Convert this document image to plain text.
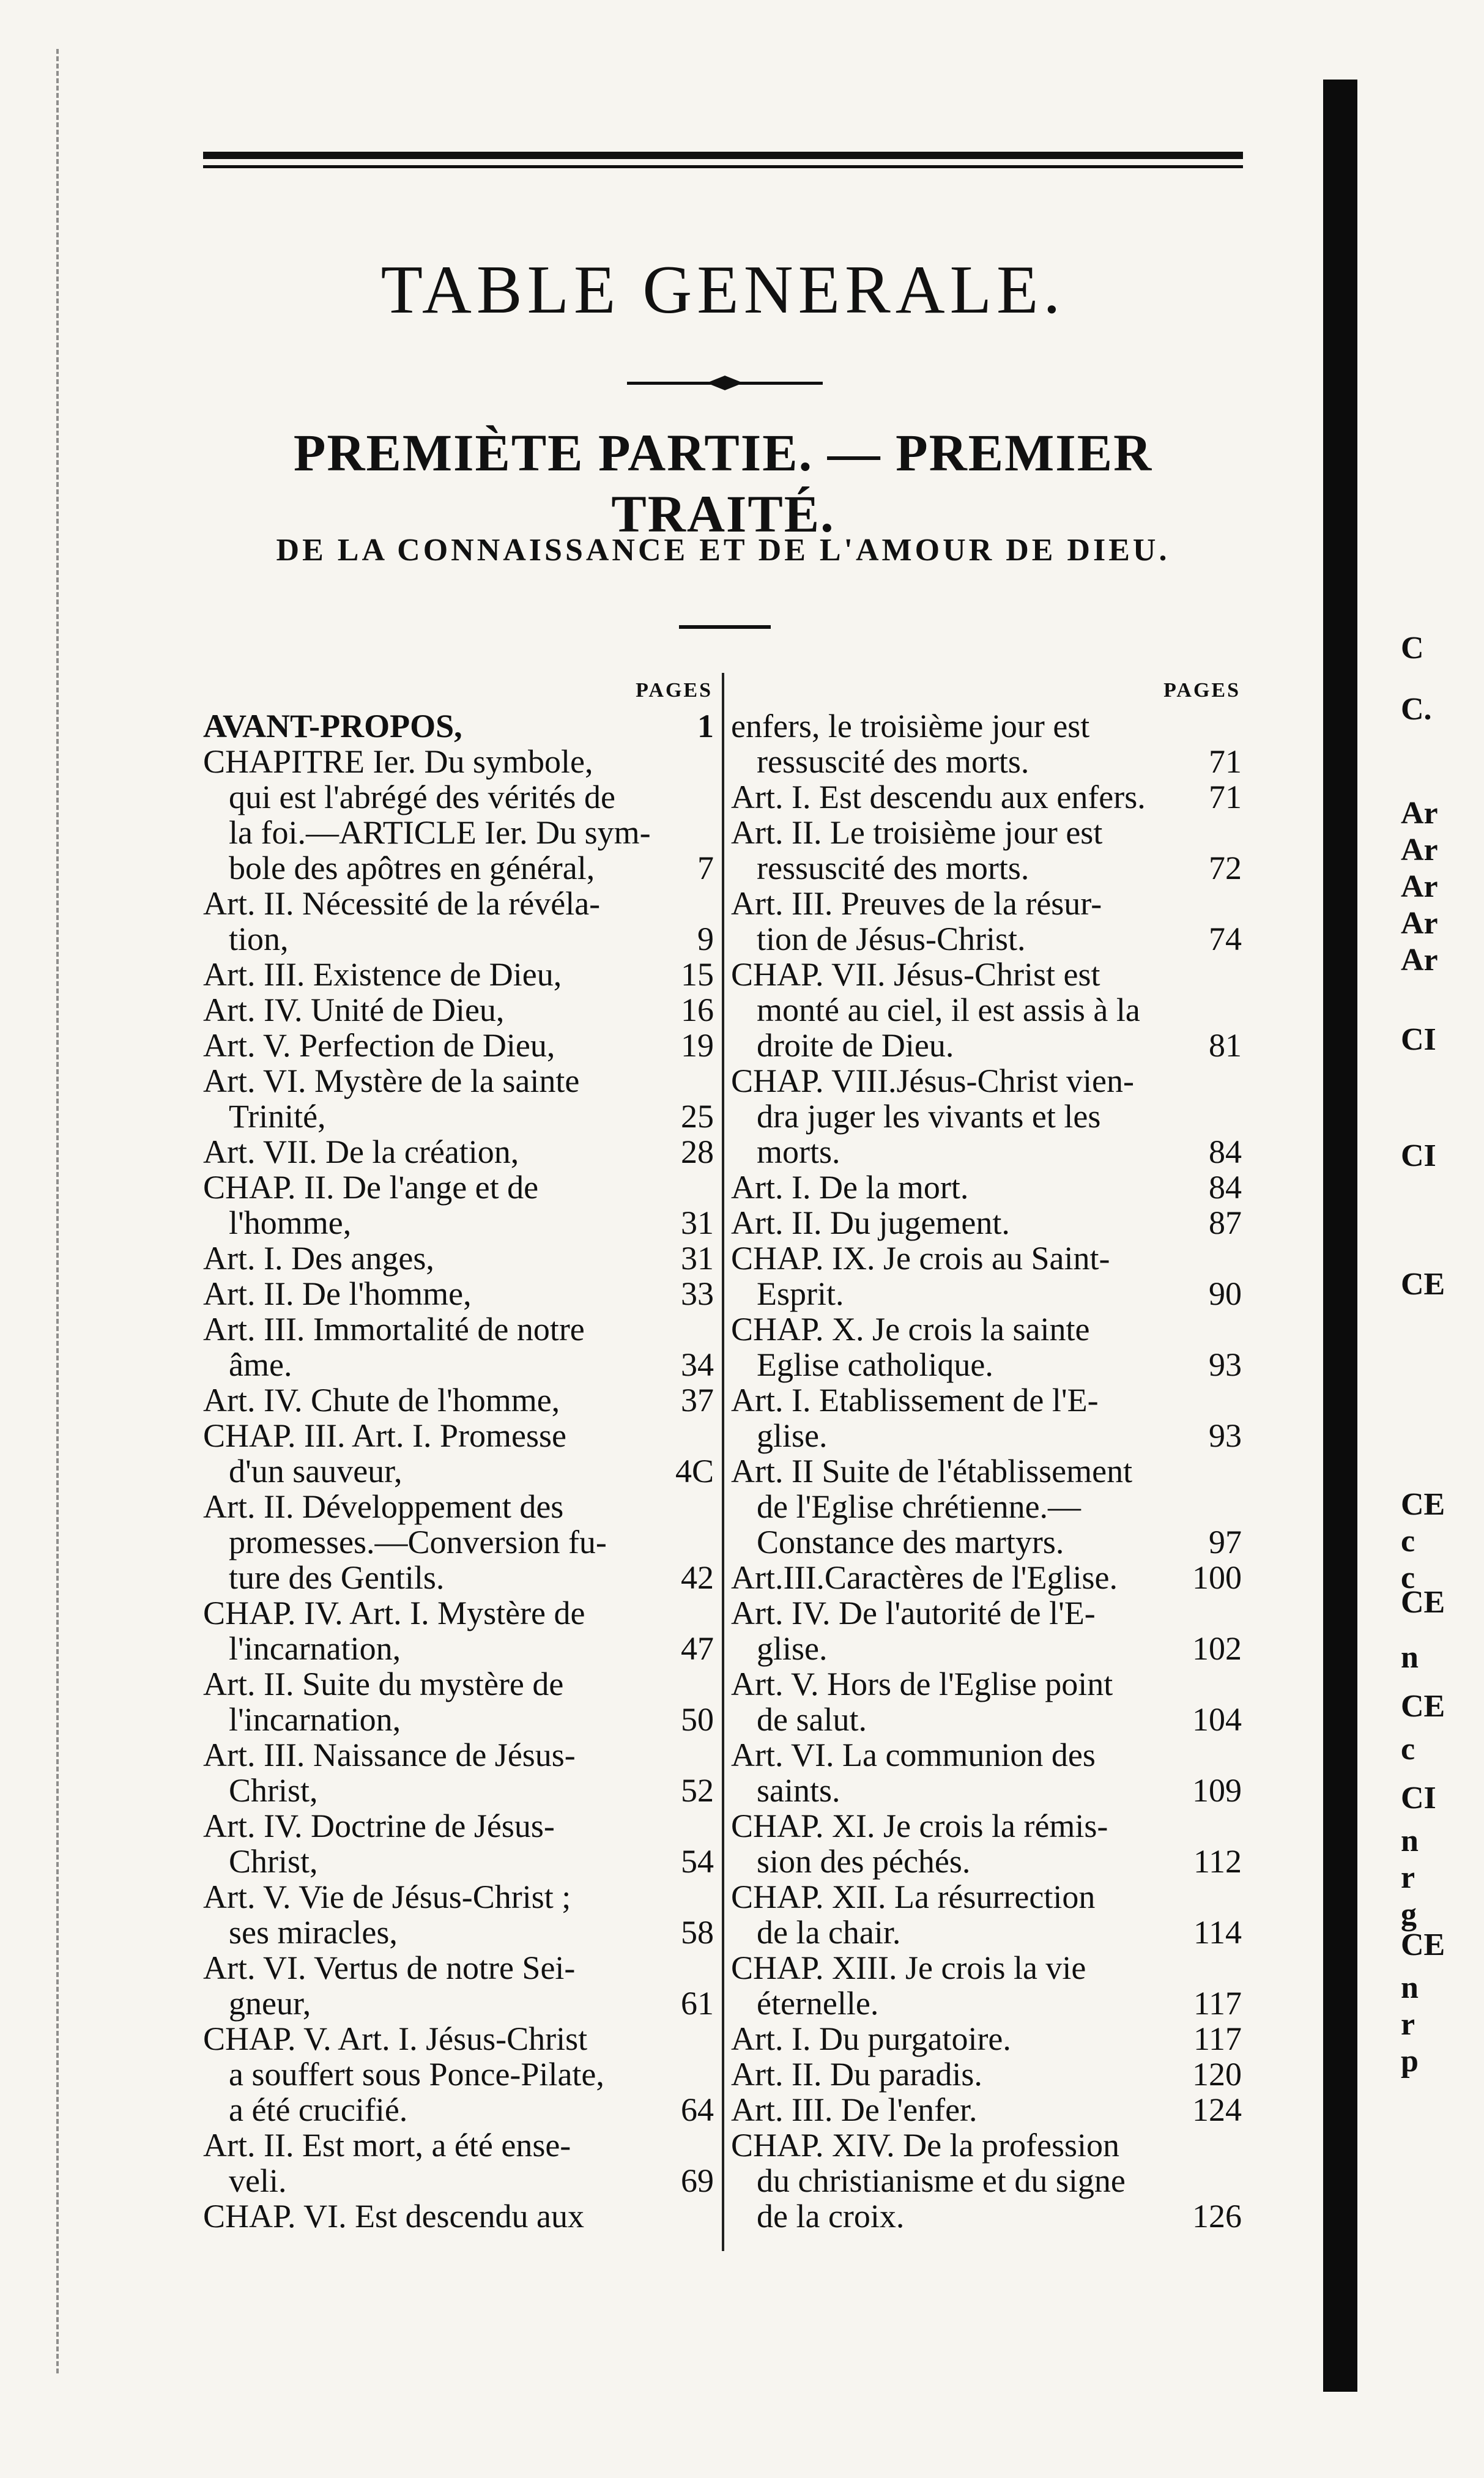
C
C.
Ar
Ar
Ar
Ar
Ar
CI
CI
CE
CE
c
c
CE
n
CE
c
CI
n
r
g
CE
n
r
p
TABLE GENERALE.
PREMIÈTE PARTIE. — PREMIER TRAITÉ.
DE LA CONNAISSANCE ET DE L'AMOUR DE DIEU.
PAGES
AVANT-PROPOS,	1
CHAPITRE Ier. Du symbole,
qui est l'abrégé des vérités de
la foi.—ARTICLE Ier. Du sym-
bole des apôtres en général,	7
Art. II. Nécessité de la révéla-
tion,	9
Art. III. Existence de Dieu,	15
Art. IV. Unité de Dieu,	16
Art. V. Perfection de Dieu,	19
Art. VI. Mystère de la sainte
Trinité,	25
Art. VII. De la création,	28
CHAP. II. De l'ange et de
l'homme,	31
Art. I. Des anges,	31
Art. II. De l'homme,	33
Art. III. Immortalité de notre
âme.	34
Art. IV. Chute de l'homme,	37
CHAP. III. Art. I. Promesse
d'un sauveur,	4C
Art. II. Développement des
promesses.—Conversion fu-
ture des Gentils.	42
CHAP. IV. Art. I. Mystère de
l'incarnation,	47
Art. II. Suite du mystère de
l'incarnation,	50
Art. III. Naissance de Jésus-
Christ,	52
Art. IV. Doctrine de Jésus-
Christ,	54
Art. V. Vie de Jésus-Christ ;
ses miracles,	58
Art. VI. Vertus de notre Sei-
gneur,	61
CHAP. V. Art. I. Jésus-Christ
a souffert sous Ponce-Pilate,
a été crucifié.	64
Art. II. Est mort, a été ense-
veli.	69
CHAP. VI. Est descendu aux
PAGES
enfers, le troisième jour est
ressuscité des morts.	71
Art. I. Est descendu aux enfers. 71
Art. II. Le troisième jour est
ressuscité des morts.	72
Art. III. Preuves de la résur-
tion de Jésus-Christ.	74
CHAP. VII. Jésus-Christ est
monté au ciel, il est assis à la
droite de Dieu.	81
CHAP. VIII.Jésus-Christ vien-
dra juger les vivants et les
morts.	84
Art. I. De la mort.	84
Art. II. Du jugement.	87
CHAP. IX. Je crois au Saint-
Esprit.	90
CHAP. X. Je crois la sainte
Eglise catholique.	93
Art. I. Etablissement de l'E-
glise.	93
Art. II Suite de l'établissement
de l'Eglise chrétienne.—
Constance des martyrs.	97
Art.III.Caractères de l'Eglise. 100
Art. IV. De l'autorité de l'E-
glise.	102
Art. V. Hors de l'Eglise point
de salut.	104
Art. VI. La communion des
saints.	109
CHAP. XI. Je crois la rémis-
sion des péchés.	112
CHAP. XII. La résurrection
de la chair.	114
CHAP. XIII. Je crois la vie
éternelle.	117
Art. I. Du purgatoire.	117
Art. II. Du paradis.	120
Art. III. De l'enfer.	124
CHAP. XIV. De la profession
du christianisme et du signe
de la croix.	126
